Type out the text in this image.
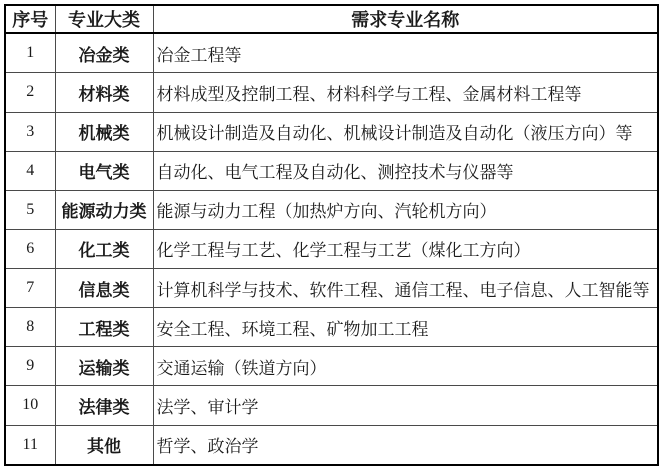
序号	专业大类	需求专业名称
1	冶金类	冶金工程等
2	材料类	材料成型及控制工程、材料科学与工程、金属材料工程等
3	机械类	机械设计制造及自动化、机械设计制造及自动化（液压方向）等
4	电气类	自动化、电气工程及自动化、测控技术与仪器等
5	能源动力类	能源与动力工程（加热炉方向、汽轮机方向）
6	化工类	化学工程与工艺、化学工程与工艺（煤化工方向）
7	信息类	计算机科学与技术、软件工程、通信工程、电子信息、人工智能等
8	工程类	安全工程、环境工程、矿物加工工程
9	运输类	交通运输（铁道方向）
10	法律类	法学、审计学
11	其他	哲学、政治学
